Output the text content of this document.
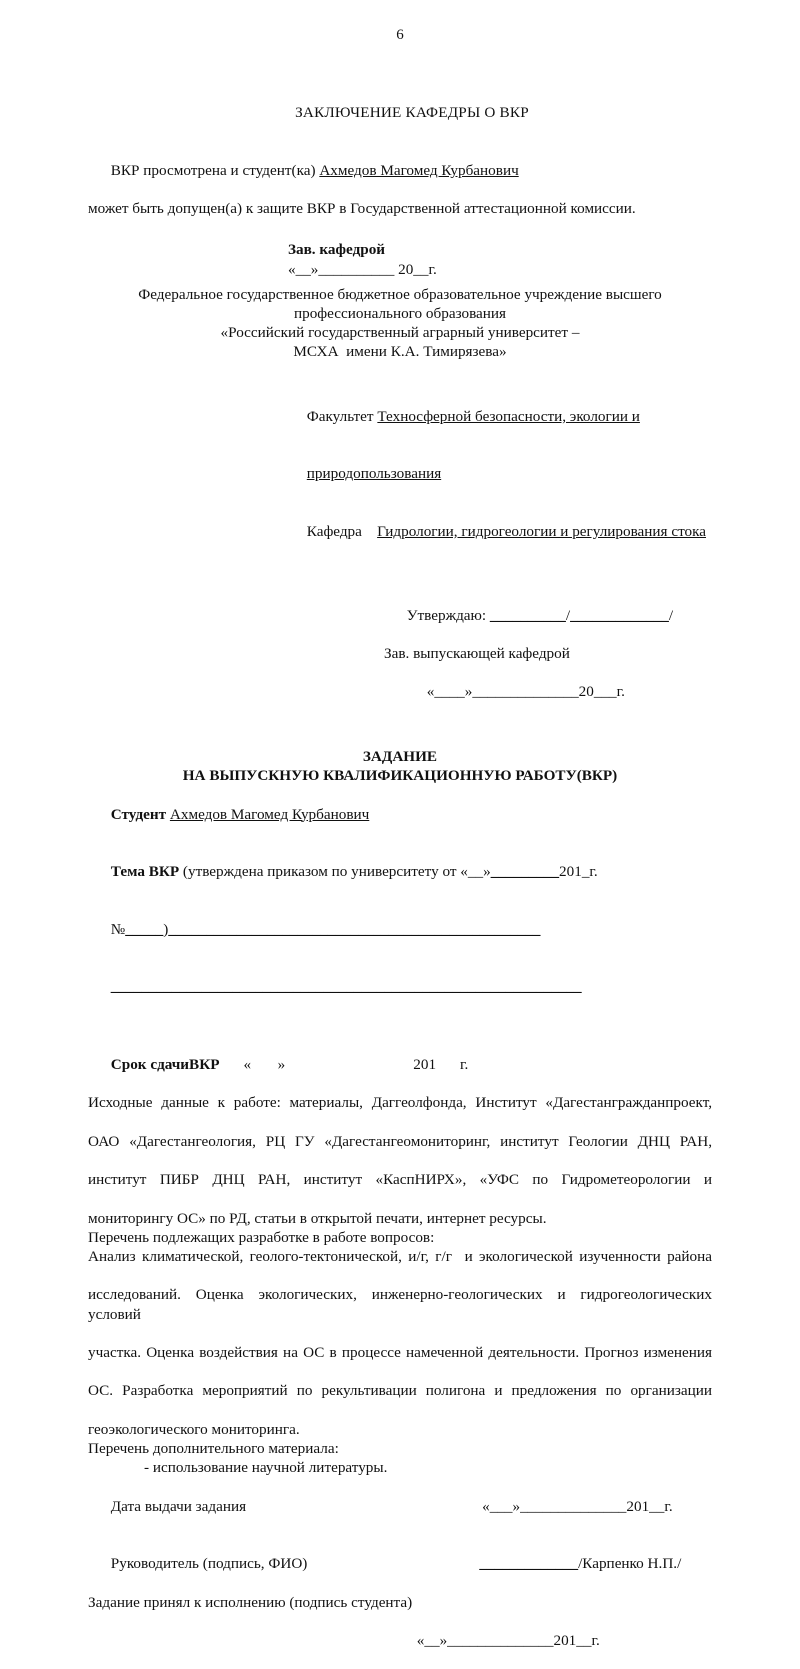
6

ЗАКЛЮЧЕНИЕ КАФЕДРЫ О ВКР

ВКР просмотрена и студент(ка) Ахмедов Магомед Курбанович

может быть допущен(а) к защите ВКР в Государственной аттестационной комиссии.
Зав. кафедрой
«__»__________ 20__г.
Федеральное государственное бюджетное образовательное учреждение высшего
профессионального образования
«Российский государственный аграрный университет –
МСХА  имени К.А. Тимирязева»

Факультет Техносферной безопасности, экологии и

природопользования

Кафедра    Гидрологии, гидрогеологии и регулирования стока

Утверждаю: __________/_____________/

Зав. выпускающей кафедрой

«____»______________20___г.

ЗАДАНИЕ
НА ВЫПУСКНУЮ КВАЛИФИКАЦИОННУЮ РАБОТУ(ВКР)

Студент Ахмедов Магомед Курбанович

Тема ВКР (утверждена приказом по университету от «__»_________201_г.

№_____)_________________________________________________

______________________________________________________________

Срок сдачиВКР «       »	201 г.

Исходные данные к работе: материалы, Даггеолфонда, Институт «Дагестангражданпроект,
ОАО «Дагестангеология, РЦ ГУ «Дагестангеомониторинг, институт Геологии ДНЦ РАН,
институт ПИБР ДНЦ РАН, институт «КаспНИРХ», «УФС по Гидрометеорологии и
мониторингу ОС» по РД, статьи в открытой печати, интернет ресурсы.
Перечень подлежащих разработке в работе вопросов:
Анализ климатической, геолого-тектонической, и/г, г/г  и экологической изученности района
исследований. Оценка экологических, инженерно-геологических и гидрогеологических условий
участка. Оценка воздействия на ОС в процессе намеченной деятельности. Прогноз изменения
ОС. Разработка мероприятий по рекультивации полигона и предложения по организации
геоэкологического мониторинга.
Перечень дополнительного материала:
- использование научной литературы.

Дата выдачи задания	«___»______________201__г.

Руководитель (подпись, ФИО)	_____________/Карпенко Н.П./

Задание принял к исполнению (подпись студента)

«__»______________201__г.
